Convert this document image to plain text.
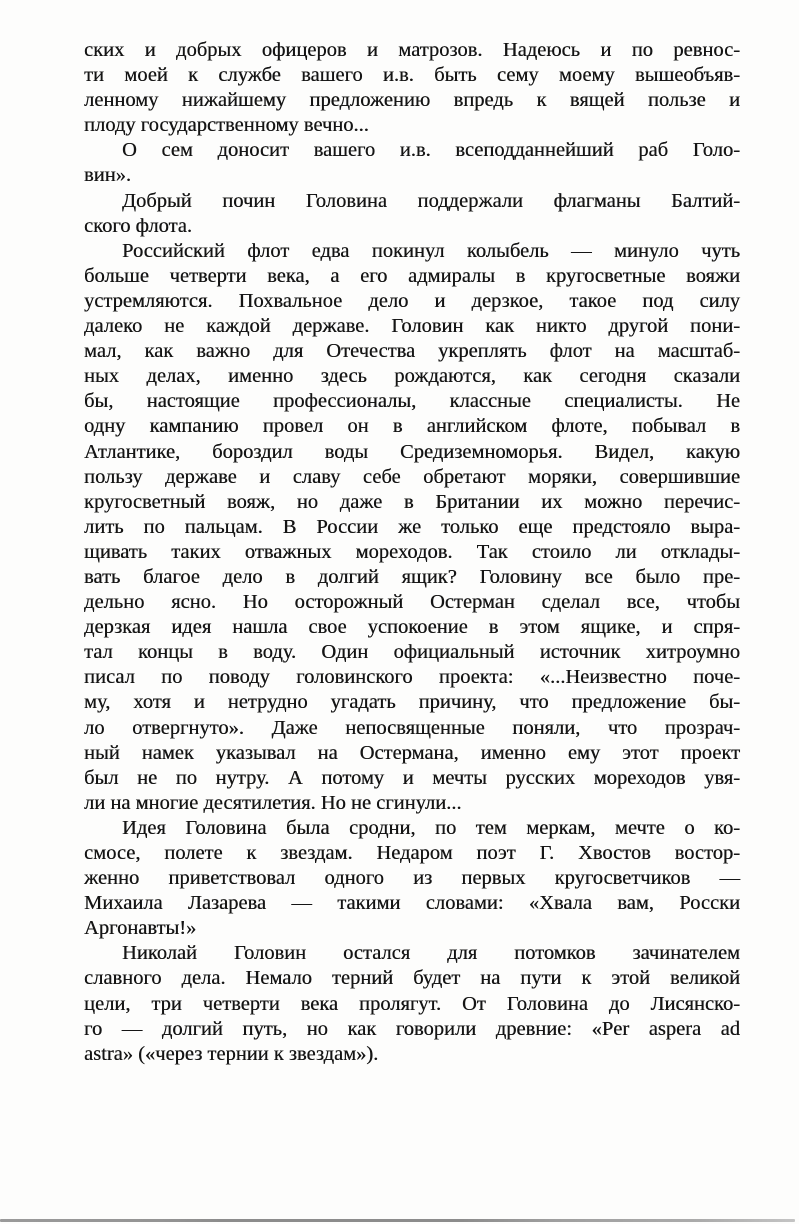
ских и добрых офицеров и матрозов. Надеюсь и по ревнос-
ти моей к службе вашего и.в. быть сему моему вышеобъяв-
ленному нижайшему предложению впредь к вящей пользе и
плоду государственному вечно...
О сем доносит вашего и.в. всеподданнейший раб Голо-
вин».
Добрый почин Головина поддержали флагманы Балтий-
ского флота.
Российский флот едва покинул колыбель — минуло чуть
больше четверти века, а его адмиралы в кругосветные вояжи
устремляются. Похвальное дело и дерзкое, такое под силу
далеко не каждой державе. Головин как никто другой пони-
мал, как важно для Отечества укреплять флот на масштаб-
ных делах, именно здесь рождаются, как сегодня сказали
бы, настоящие профессионалы, классные специалисты. Не
одну кампанию провел он в английском флоте, побывал в
Атлантике, бороздил воды Средиземноморья. Видел, какую
пользу державе и славу себе обретают моряки, совершившие
кругосветный вояж, но даже в Британии их можно перечис-
лить по пальцам. В России же только еще предстояло выра-
щивать таких отважных мореходов. Так стоило ли отклады-
вать благое дело в долгий ящик? Головину все было пре-
дельно ясно. Но осторожный Остерман сделал все, чтобы
дерзкая идея нашла свое успокоение в этом ящике, и спря-
тал концы в воду. Один официальный источник хитроумно
писал по поводу головинского проекта: «...Неизвестно поче-
му, хотя и нетрудно угадать причину, что предложение бы-
ло отвергнуто». Даже непосвященные поняли, что прозрач-
ный намек указывал на Остермана, именно ему этот проект
был не по нутру. А потому и мечты русских мореходов увя-
ли на многие десятилетия. Но не сгинули...
Идея Головина была сродни, по тем меркам, мечте о ко-
смосе, полете к звездам. Недаром поэт Г. Хвостов востор-
женно приветствовал одного из первых кругосветчиков —
Михаила Лазарева — такими словами: «Хвала вам, Росски
Аргонавты!»
Николай Головин остался для потомков зачинателем
славного дела. Немало терний будет на пути к этой великой
цели, три четверти века пролягут. От Головина до Лисянско-
го — долгий путь, но как говорили древние: «Per aspera ad
astra» («через тернии к звездам»).
